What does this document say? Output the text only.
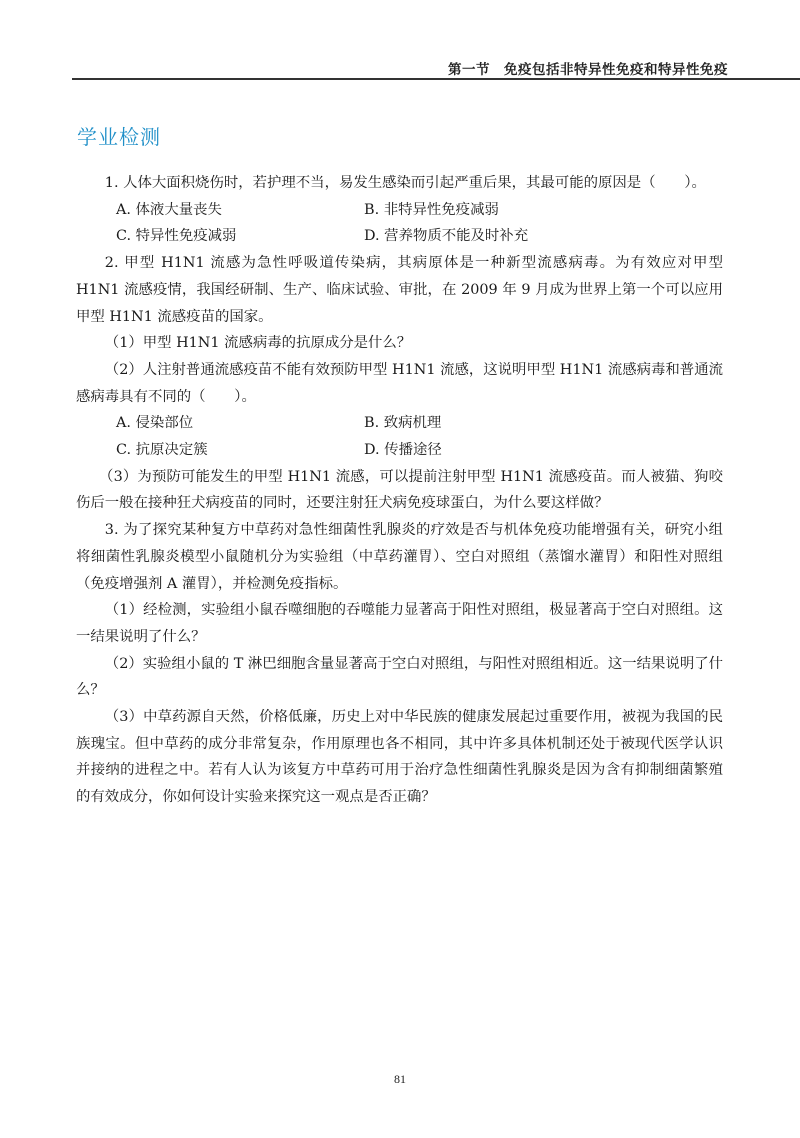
第一节　免疫包括非特异性免疫和特异性免疫
学业检测

1. 人体大面积烧伤时，若护理不当，易发生感染而引起严重后果，其最可能的原因是（　　）。

A. 体液大量丧失	B. 非特异性免疫减弱
C. 特异性免疫减弱	D. 营养物质不能及时补充

2. 甲型 H1N1 流感为急性呼吸道传染病，其病原体是一种新型流感病毒。为有效应对甲型 H1N1 流感疫情，我国经研制、生产、临床试验、审批，在 2009 年 9 月成为世界上第一个可以应用甲型 H1N1 流感疫苗的国家。

（1）甲型 H1N1 流感病毒的抗原成分是什么？

（2）人注射普通流感疫苗不能有效预防甲型 H1N1 流感，这说明甲型 H1N1 流感病毒和普通流感病毒具有不同的（　　）。

A. 侵染部位	B. 致病机理
C. 抗原决定簇	D. 传播途径

（3）为预防可能发生的甲型 H1N1 流感，可以提前注射甲型 H1N1 流感疫苗。而人被猫、狗咬伤后一般在接种狂犬病疫苗的同时，还要注射狂犬病免疫球蛋白，为什么要这样做？

3. 为了探究某种复方中草药对急性细菌性乳腺炎的疗效是否与机体免疫功能增强有关，研究小组将细菌性乳腺炎模型小鼠随机分为实验组（中草药灌胃）、空白对照组（蒸馏水灌胃）和阳性对照组（免疫增强剂 A 灌胃），并检测免疫指标。

（1）经检测，实验组小鼠吞噬细胞的吞噬能力显著高于阳性对照组，极显著高于空白对照组。这一结果说明了什么？

（2）实验组小鼠的 T 淋巴细胞含量显著高于空白对照组，与阳性对照组相近。这一结果说明了什么？

（3）中草药源自天然，价格低廉，历史上对中华民族的健康发展起过重要作用，被视为我国的民族瑰宝。但中草药的成分非常复杂，作用原理也各不相同，其中许多具体机制还处于被现代医学认识并接纳的进程之中。若有人认为该复方中草药可用于治疗急性细菌性乳腺炎是因为含有抑制细菌繁殖的有效成分，你如何设计实验来探究这一观点是否正确？

81
